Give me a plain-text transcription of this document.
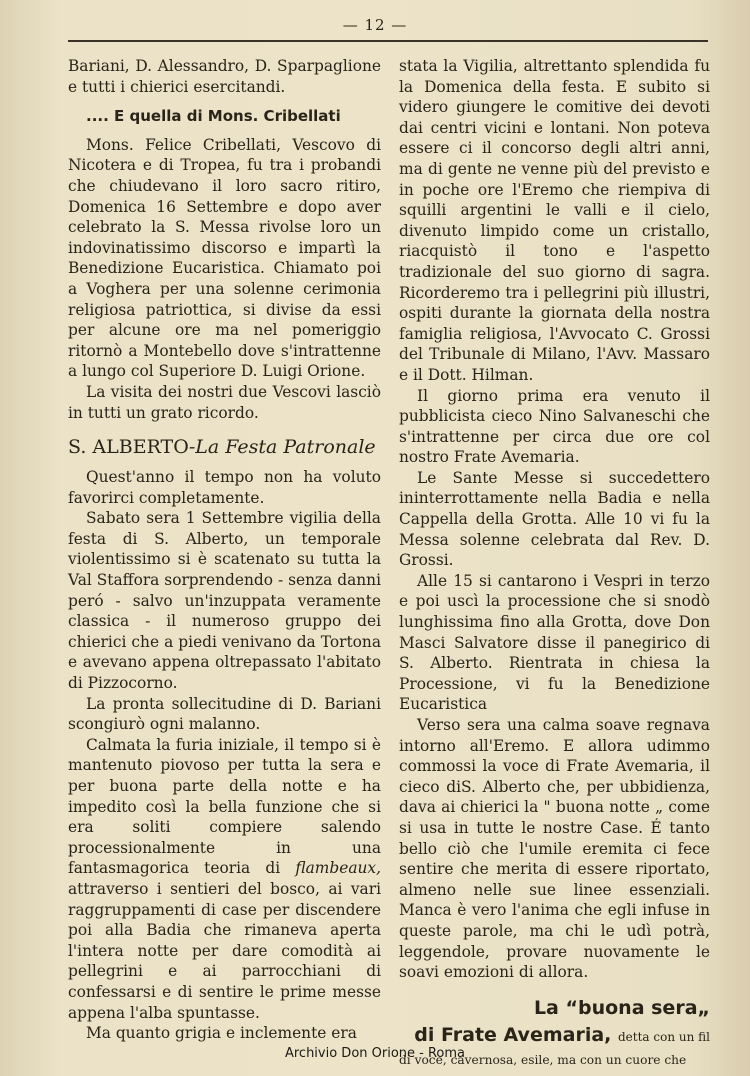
— 12 —

Bariani, D. Alessandro, D. Sparpaglione e tutti i chierici esercitandi.

.... E quella di Mons. Cribellati

Mons. Felice Cribellati, Vescovo di Nicotera e di Tropea, fu tra i probandi che chiudevano il loro sacro ritiro, Domenica 16 Settembre e dopo aver celebrato la S. Messa rivolse loro un indovinatissimo discorso e impartì la Benedizione Eucaristica. Chiamato poi a Voghera per una solenne cerimonia religiosa patriottica, si divise da essi per alcune ore ma nel pomeriggio ritornò a Montebello dove s'intrattenne a lungo col Superiore D. Luigi Orione.

La visita dei nostri due Vescovi lasciò in tutti un grato ricordo.

S. ALBERTO-La Festa Patronale

Quest'anno il tempo non ha voluto favorirci completamente.

Sabato sera 1 Settembre vigilia della festa di S. Alberto, un temporale violentissimo si è scatenato su tutta la Val Staffora sorprendendo - senza danni peró - salvo un'inzuppata veramente classica - il numeroso gruppo dei chierici che a piedi venivano da Tortona e avevano appena oltrepassato l'abitato di Pizzocorno.

La pronta sollecitudine di D. Bariani scongiurò ogni malanno.

Calmata la furia iniziale, il tempo si è mantenuto piovoso per tutta la sera e per buona parte della notte e ha impedito così la bella funzione che si era soliti compiere salendo processionalmente in una fantasmagorica teoria di flambeaux, attraverso i sentieri del bosco, ai vari raggruppamenti di case per discendere poi alla Badia che rimaneva aperta l'intera notte per dare comodità ai pellegrini e ai parrocchiani di confessarsi e di sentire le prime messe appena l'alba spuntasse.

Ma quanto grigia e inclemente era

stata la Vigilia, altrettanto splendida fu la Domenica della festa. E subito si videro giungere le comitive dei devoti dai centri vicini e lontani. Non poteva essere ci il concorso degli altri anni, ma di gente ne venne più del previsto e in poche ore l'Eremo che riempiva di squilli argentini le valli e il cielo, divenuto limpido come un cristallo, riacquistò il tono e l'aspetto tradizionale del suo giorno di sagra. Ricorderemo tra i pellegrini più illustri, ospiti durante la giornata della nostra famiglia religiosa, l'Avvocato C. Grossi del Tribunale di Milano, l'Avv. Massaro e il Dott. Hilman.

Il giorno prima era venuto il pubblicista cieco Nino Salvaneschi che s'intrattenne per circa due ore col nostro Frate Avemaria.

Le Sante Messe si succedettero ininterrottamente nella Badia e nella Cappella della Grotta. Alle 10 vi fu la Messa solenne celebrata dal Rev. D. Grossi.

Alle 15 si cantarono i Vespri in terzo e poi uscì la processione che si snodò lunghissima fino alla Grotta, dove Don Masci Salvatore disse il panegirico di S. Alberto. Rientrata in chiesa la Processione, vi fu la Benedizione Eucaristica

Verso sera una calma soave regnava intorno all'Eremo. E allora udimmo commossi la voce di Frate Avemaria, il cieco diS. Alberto che, per ubbidienza, dava ai chierici la " buona notte „ come si usa in tutte le nostre Case. É tanto bello ciò che l'umile eremita ci fece sentire che merita di essere riportato, almeno nelle sue linee essenziali. Manca è vero l'anima che egli infuse in queste parole, ma chi le udì potrà, leggendole, provare nuovamente le soavi emozioni di allora.

La “buona sera„
di Frate Avemaria, detta con un fil

di voce, cavernosa, esile, ma con un cuore che

Archivio Don Orione - Roma
